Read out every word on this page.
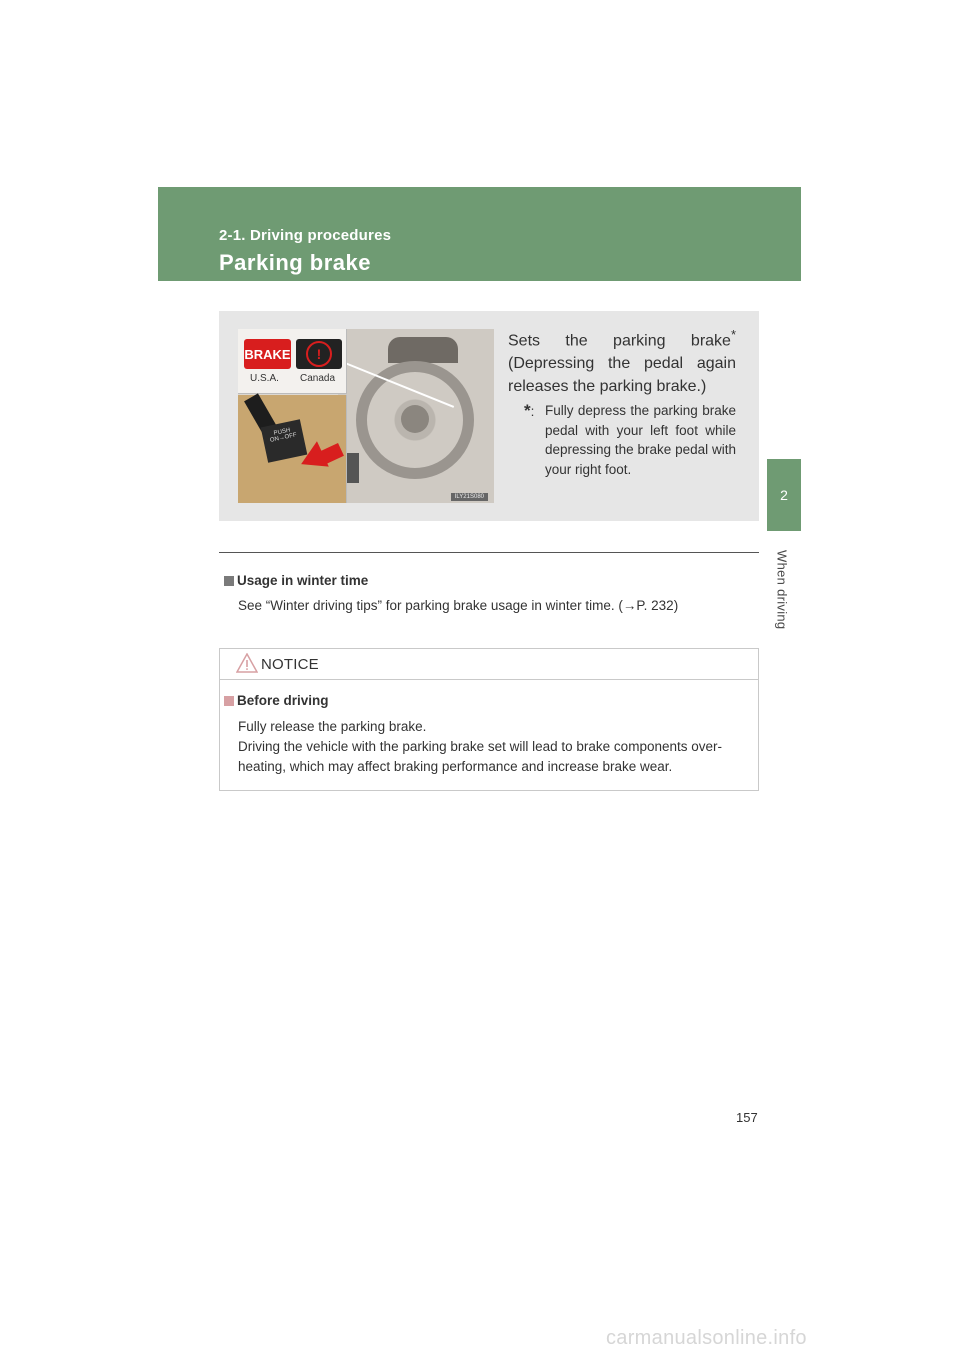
2-1. Driving procedures
Parking brake
2
When driving
BRAKE	!
U.S.A. Canada
PUSH ON→OFF
ILY21S080
Sets the parking brake* (Depressing the pedal again releases the parking brake.)
*: Fully depress the parking brake pedal with your left foot while depressing the brake pedal with your right foot.
Usage in winter time
See “Winter driving tips” for parking brake usage in winter time. (→P. 232)
NOTICE
Before driving
Fully release the parking brake.
Driving the vehicle with the parking brake set will lead to brake components over-heating, which may affect braking performance and increase brake wear.
157
carmanualsonline.info
